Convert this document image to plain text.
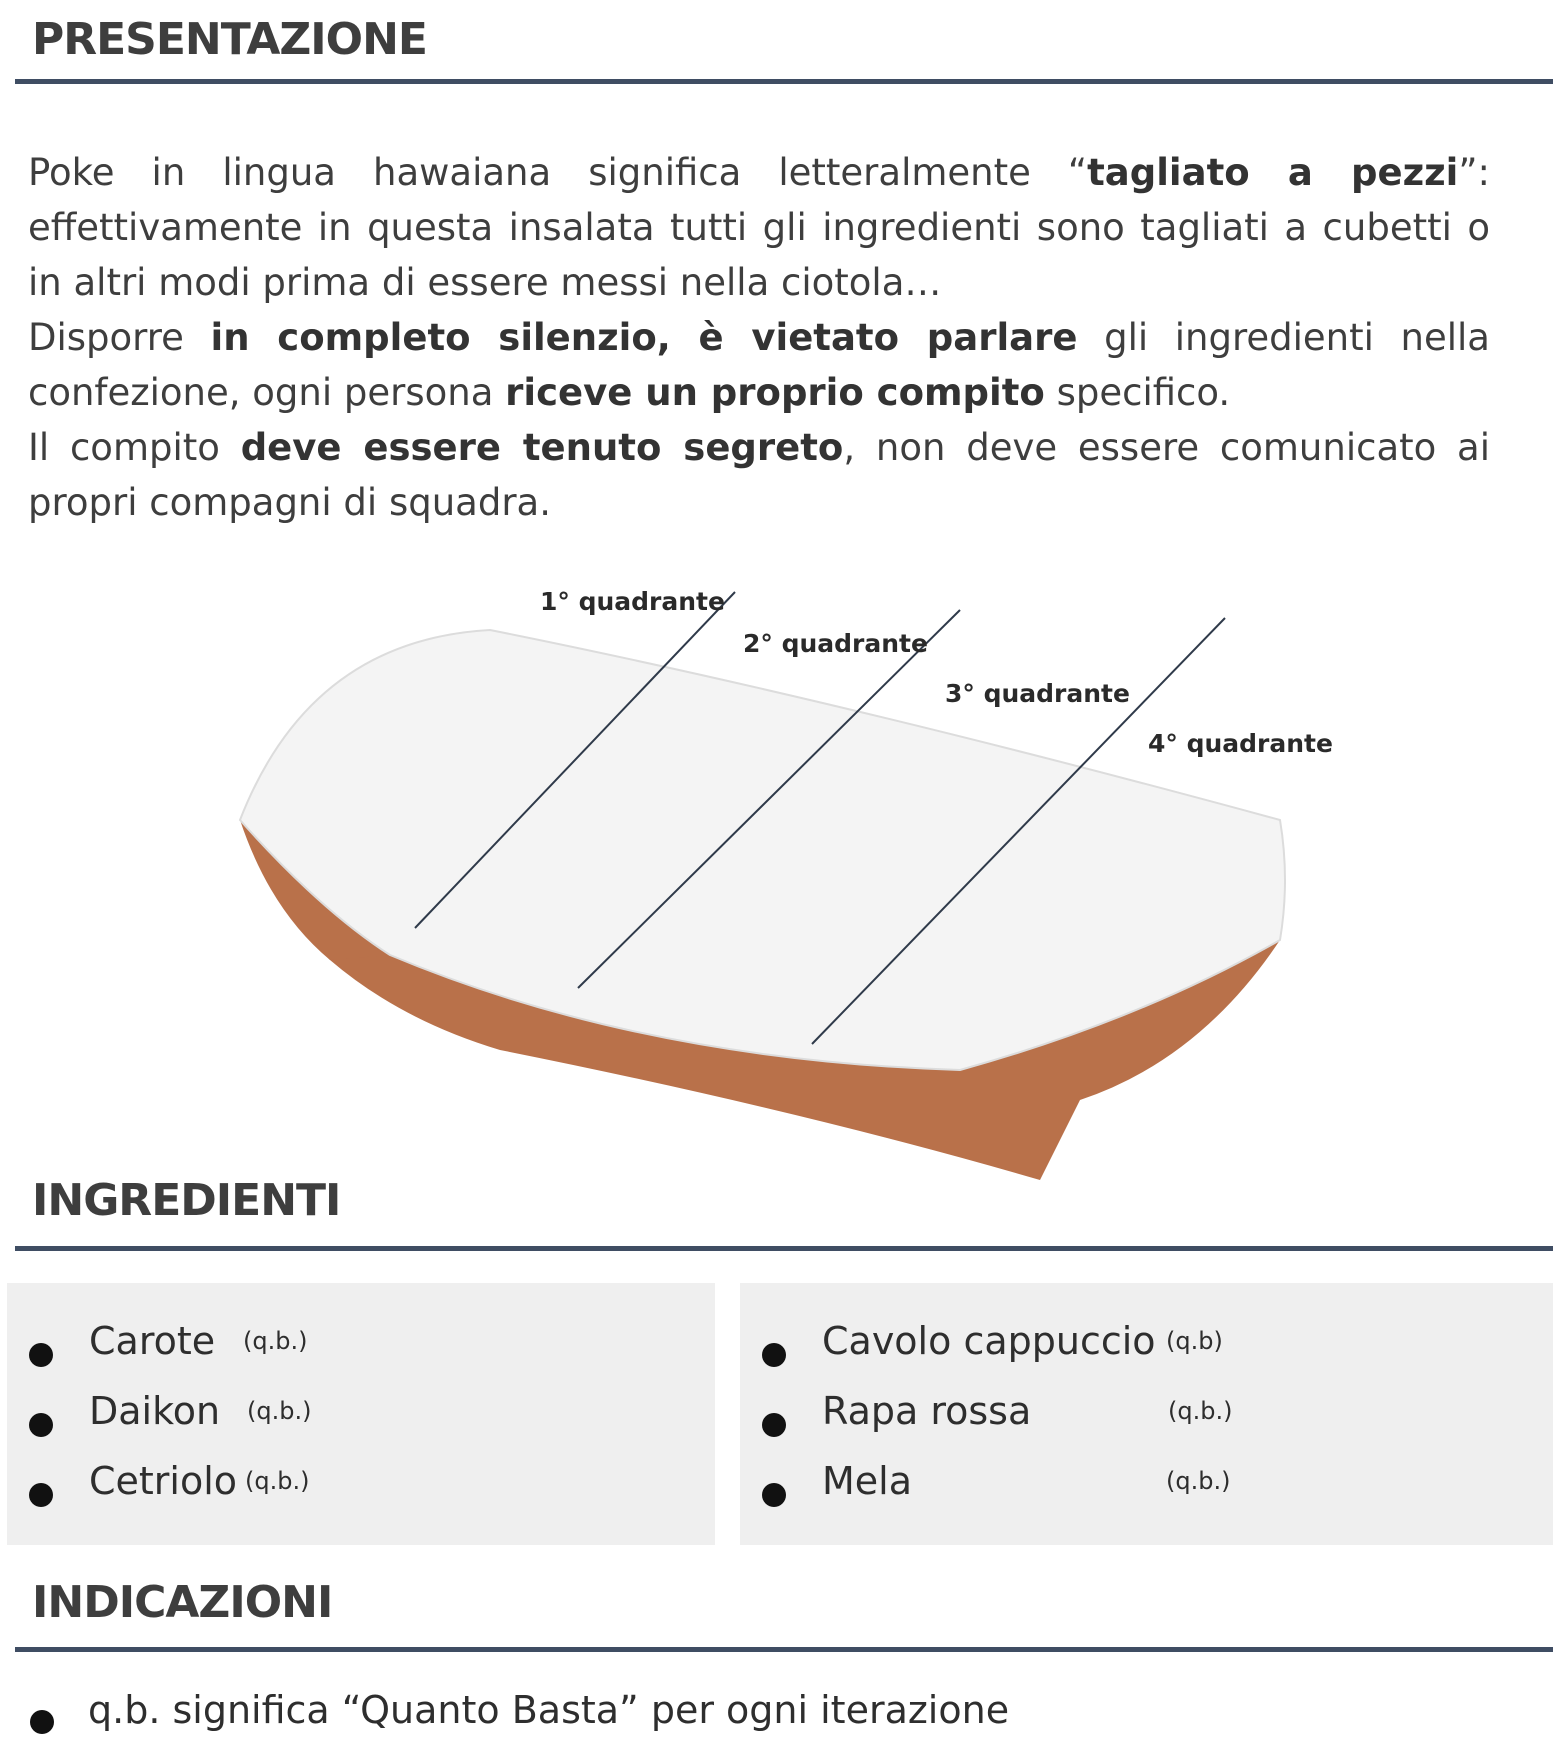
PRESENTAZIONE

Poke in lingua hawaiana significa letteralmente “tagliato a pezzi”: effettivamente in questa insalata tutti gli ingredienti sono tagliati a cubetti o in altri modi prima di essere messi nella ciotola…

Disporre in completo silenzio, è vietato parlare gli ingredienti nella confezione, ogni persona riceve un proprio compito specifico.

Il compito deve essere tenuto segreto, non deve essere comunicato ai propri compagni di squadra.

1° quadrante
2° quadrante
3° quadrante
4° quadrante
INGREDIENTI
Carote (q.b.)
Daikon (q.b.)
Cetriolo (q.b.)
Cavolo cappuccio (q.b)
Rapa rossa	(q.b.)
Mela	(q.b.)
INDICAZIONI
q.b. significa “Quanto Basta” per ogni iterazione
